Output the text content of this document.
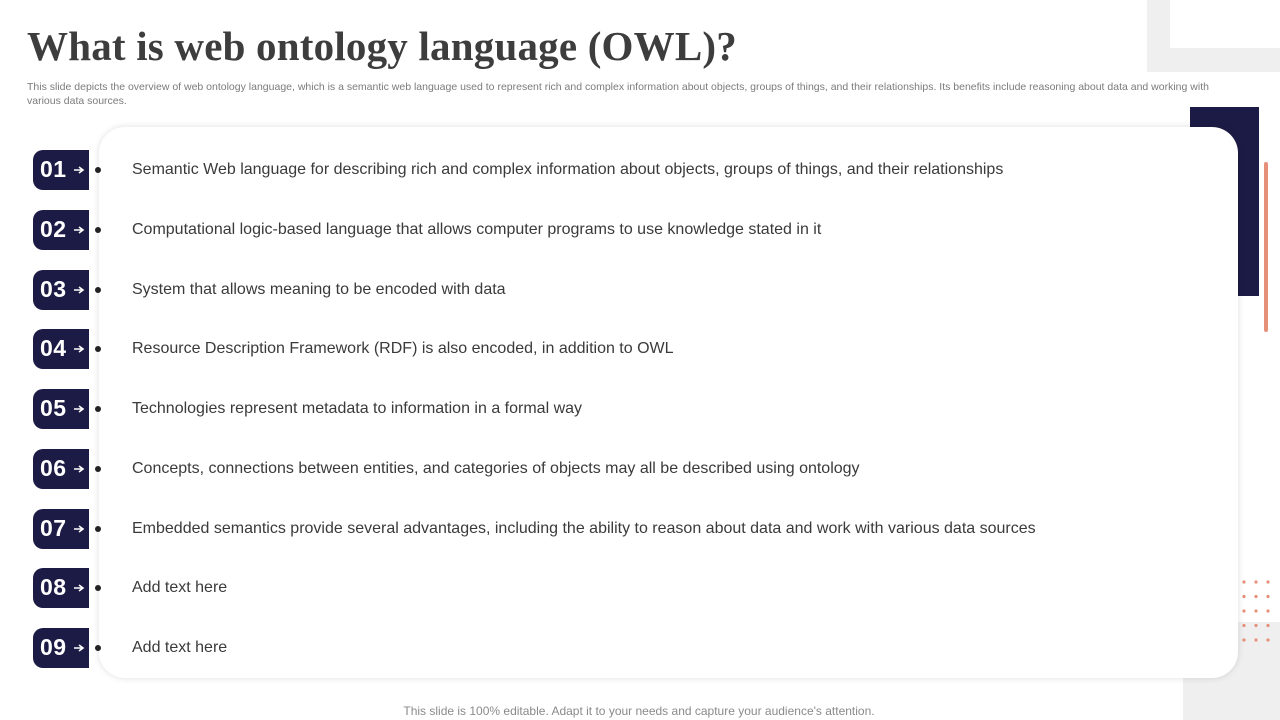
What is web ontology language (OWL)?

This slide depicts the overview of web ontology language, which is a semantic web language used to represent rich and complex information about objects, groups of things, and their relationships. Its benefits include reasoning about data and working with various data sources.

01	Semantic Web language for describing rich and complex information about objects, groups of things, and their relationships
02	Computational logic-based language that allows computer programs to use knowledge stated in it
03	System that allows meaning to be encoded with data
04	Resource Description Framework (RDF) is also encoded, in addition to OWL
05	Technologies represent metadata to information in a formal way
06	Concepts, connections between entities, and categories of objects may all be described using ontology
07	Embedded semantics provide several advantages, including the ability to reason about data and work with various data sources
08	Add text here
09	Add text here
This slide is 100% editable. Adapt it to your needs and capture your audience's attention.
